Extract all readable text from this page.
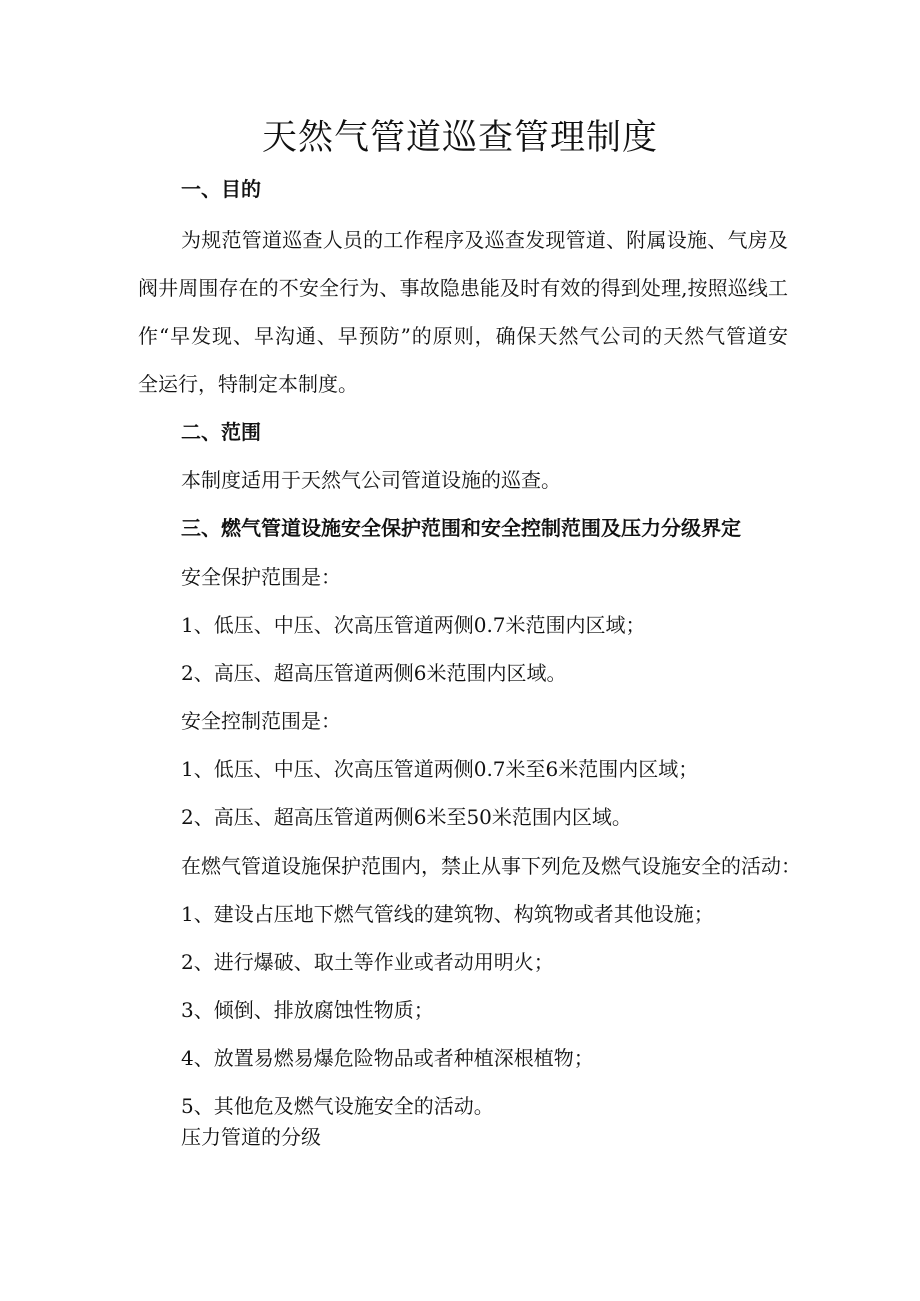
天然气管道巡查管理制度

一、目的

为规范管道巡查人员的工作程序及巡查发现管道、附属设施、气房及

阀井周围存在的不安全行为、事故隐患能及时有效的得到处理,按照巡线工

作“早发现、早沟通、早预防”的原则，确保天然气公司的天然气管道安

全运行，特制定本制度。

二、范围

本制度适用于天然气公司管道设施的巡查。

三、燃气管道设施安全保护范围和安全控制范围及压力分级界定

安全保护范围是：

1、低压、中压、次高压管道两侧0.7米范围内区域；

2、高压、超高压管道两侧6米范围内区域。

安全控制范围是：

1、低压、中压、次高压管道两侧0.7米至6米范围内区域；

2、高压、超高压管道两侧6米至50米范围内区域。

在燃气管道设施保护范围内，禁止从事下列危及燃气设施安全的活动：

1、建设占压地下燃气管线的建筑物、构筑物或者其他设施；

2、进行爆破、取土等作业或者动用明火；

3、倾倒、排放腐蚀性物质；

4、放置易燃易爆危险物品或者种植深根植物；

5、其他危及燃气设施安全的活动。

压力管道的分级
